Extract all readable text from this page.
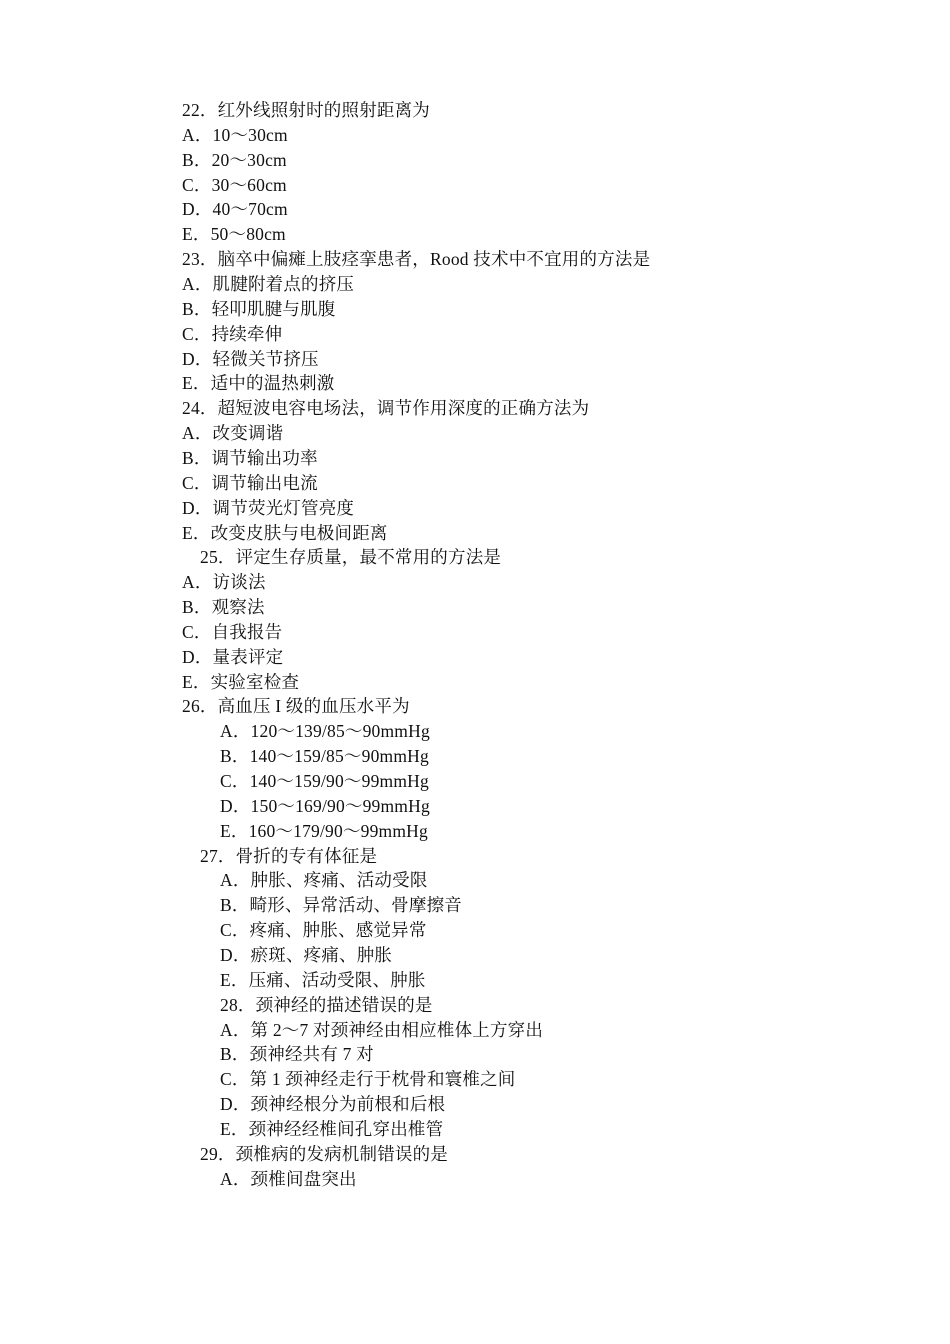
22．红外线照射时的照射距离为
A．10～30cm
B．20～30cm
C．30～60cm
D．40～70cm
E．50～80cm
23．脑卒中偏瘫上肢痉挛患者，Rood 技术中不宜用的方法是
A．肌腱附着点的挤压
B．轻叩肌腱与肌腹
C．持续牵伸
D．轻微关节挤压
E．适中的温热刺激
24．超短波电容电场法，调节作用深度的正确方法为
A．改变调谐
B．调节输出功率
C．调节输出电流
D．调节荧光灯管亮度
E．改变皮肤与电极间距离
25．评定生存质量，最不常用的方法是
A．访谈法
B．观察法
C．自我报告
D．量表评定
E．实验室检查
26．高血压 I 级的血压水平为
A．120～139/85～90mmHg
B．140～159/85～90mmHg
C．140～159/90～99mmHg
D．150～169/90～99mmHg
E．160～179/90～99mmHg
27．骨折的专有体征是
A．肿胀、疼痛、活动受限
B．畸形、异常活动、骨摩擦音
C．疼痛、肿胀、感觉异常
D．瘀斑、疼痛、肿胀
E．压痛、活动受限、肿胀
28．颈神经的描述错误的是
A．第 2～7 对颈神经由相应椎体上方穿出
B．颈神经共有 7 对
C．第 1 颈神经走行于枕骨和寰椎之间
D．颈神经根分为前根和后根
E．颈神经经椎间孔穿出椎管
29．颈椎病的发病机制错误的是
A．颈椎间盘突出
